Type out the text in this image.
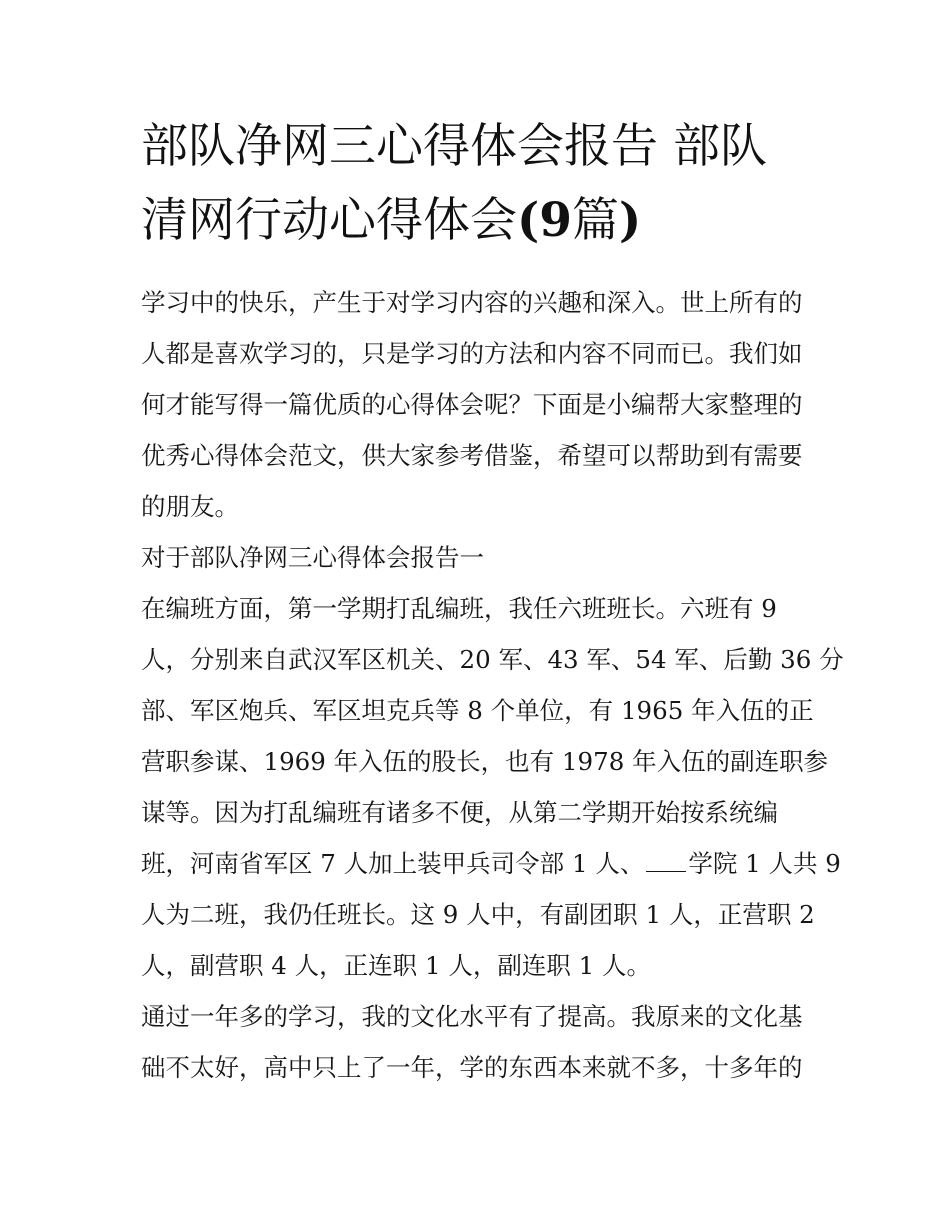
部队净网三心得体会报告 部队
清网行动心得体会(9篇)
学习中的快乐，产生于对学习内容的兴趣和深入。世上所有的
人都是喜欢学习的，只是学习的方法和内容不同而已。我们如
何才能写得一篇优质的心得体会呢？下面是小编帮大家整理的
优秀心得体会范文，供大家参考借鉴，希望可以帮助到有需要
的朋友。
对于部队净网三心得体会报告一
在编班方面，第一学期打乱编班，我任六班班长。六班有 9
人，分别来自武汉军区机关、20 军、43 军、54 军、后勤 36 分
部、军区炮兵、军区坦克兵等 8 个单位，有 1965 年入伍的正
营职参谋、1969 年入伍的股长，也有 1978 年入伍的副连职参
谋等。因为打乱编班有诸多不便，从第二学期开始按系统编
班，河南省军区 7 人加上装甲兵司令部 1 人、 学院 1 人共 9
人为二班，我仍任班长。这 9 人中，有副团职 1 人，正营职 2
人，副营职 4 人，正连职 1 人，副连职 1 人。
通过一年多的学习，我的文化水平有了提高。我原来的文化基
础不太好，高中只上了一年，学的东西本来就不多，十多年的
